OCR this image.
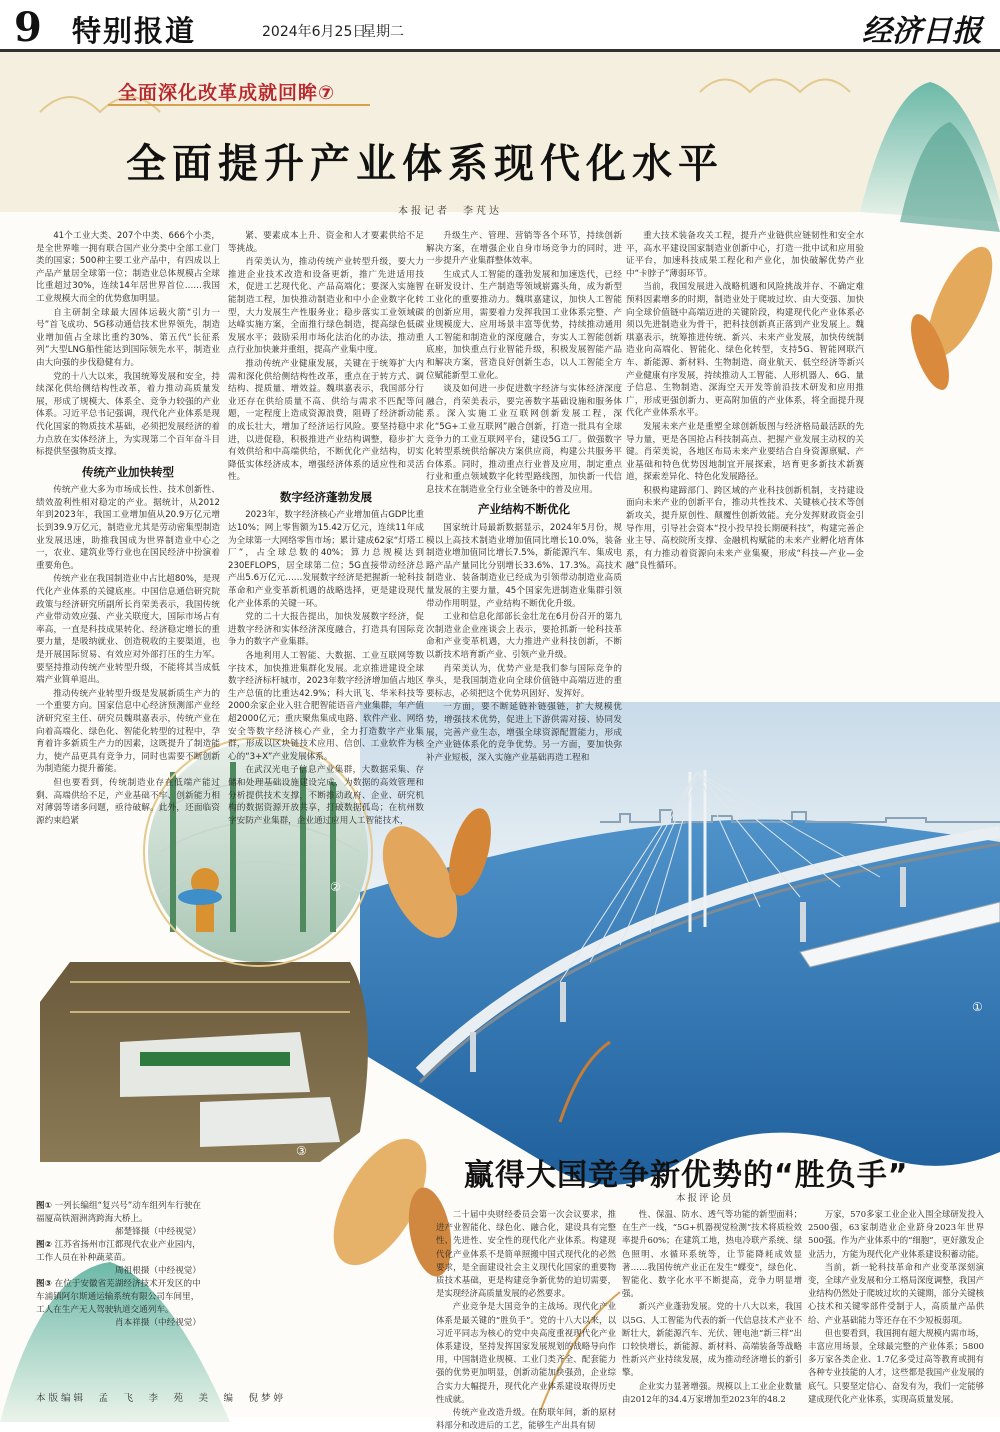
9 特别报道	2024年6月25日
星期二	经济日报
全面深化改革成就回眸⑦
全面提升产业体系现代化水平
本报记者　李芃达

41个工业大类、207个中类、666个小类，是全世界唯一拥有联合国产业分类中全部工业门类的国家；500种主要工业产品中，有四成以上产品产量居全球第一位；制造业总体规模占全球比重超过30%，连续14年居世界首位……我国工业规模大而全的优势愈加明显。

自主研制全球最大固体运载火箭“引力一号”首飞成功、5G移动通信技术世界领先，制造业增加值占全球比重约30%、第五代“长征系列”大型LNG船性能达到国际领先水平，制造业由大向强的步伐稳健有力。

党的十八大以来，我国统筹发展和安全，持续深化供给侧结构性改革，着力推动高质量发展，形成了规模大、体系全、竞争力较强的产业体系。习近平总书记强调，现代化产业体系是现代化国家的物质技术基础，必须把发展经济的着力点放在实体经济上，为实现第二个百年奋斗目标提供坚强物质支撑。

传统产业加快转型

传统产业大多为市场成长性、技术创新性、绩效盈利性相对稳定的产业。据统计，从2012年到2023年，我国工业增加值从20.9万亿元增长到39.9万亿元，制造业尤其是劳动密集型制造业发展迅速，助推我国成为世界制造业中心之一，农业、建筑业等行业也在国民经济中扮演着重要角色。

传统产业在我国制造业中占比超80%，是现代化产业体系的关键底座。中国信息通信研究院政策与经济研究所副所长肖荣美表示，我国传统产业带动效应强、产业关联度大，国际市场占有率高，一直是科技成果转化、经济稳定增长的重要力量，是吸纳就业、创造税收的主要渠道，也是开展国际贸易、有效应对外部打压的生力军。要坚持推动传统产业转型升级，不能将其当成低端产业简单退出。

推动传统产业转型升级是发展新质生产力的一个重要方向。国家信息中心经济预测部产业经济研究室主任、研究员魏琪嘉表示，传统产业在向着高端化、绿色化、智能化转型的过程中，孕育着许多新质生产力的因素，这既提升了制造能力，使产品更具有竞争力，同时也需要不断创新为制造能力提升蓄能。

但也要看到，传统制造业存在低端产能过剩、高端供给不足，产业基础不牢、创新能力相对薄弱等诸多问题，亟待破解。此外，还面临资源约束趋紧

紧、要素成本上升、资金和人才要素供给不足等挑战。

肖荣美认为，推动传统产业转型升级，要大力推进企业技术改造和设备更新，推广先进适用技术，促进工艺现代化、产品高端化；要深入实施智能制造工程，加快推动制造业和中小企业数字化转型，大力发展生产性服务业；稳步落实工业领域碳达峰实施方案，全面推行绿色制造，提高绿色低碳发展水平；鼓励采用市场化法治化的办法，推动重点行业加快兼并重组，提高产业集中度。

推动传统产业健康发展，关键在于统筹扩大内需和深化供给侧结构性改革，重点在于转方式、调结构、提质量、增效益。魏琪嘉表示，我国部分行业还存在供给质量不高、供给与需求不匹配等问题，一定程度上造成资源浪费，阻碍了经济新动能的成长壮大，增加了经济运行风险。要坚持稳中求进，以进促稳，积极推进产业结构调整，稳步扩大有效供给和中高端供给，不断优化产业结构，切实降低实体经济成本，增强经济体系的适应性和灵活性。

数字经济蓬勃发展

2023年，数字经济核心产业增加值占GDP比重达10%；网上零售额为15.42万亿元，连续11年成为全球第一大网络零售市场；累计建成62家“灯塔工厂”，占全球总数的40%；算力总规模达到230EFLOPS，居全球第二位；5G直接带动经济总产出5.6万亿元……发展数字经济是把握新一轮科技革命和产业变革新机遇的战略选择，更是建设现代化产业体系的关键一环。

党的二十大报告提出，加快发展数字经济，促进数字经济和实体经济深度融合，打造具有国际竞争力的数字产业集群。

各地利用人工智能、大数据、工业互联网等数字技术，加快推进集群化发展。北京推进建设全球数字经济标杆城市，2023年数字经济增加值占地区生产总值的比重达42.9%；科大讯飞、华米科技等2000余家企业入驻合肥智能语音产业集群，年产值超2000亿元；重庆聚焦集成电路、软件产业、网络安全等数字经济核心产业，全力打造数字产业集群，形成以区块链技术应用、信创、工业软件为核心的“3+X”产业发展体系。

在武汉光电子信息产业集群，大数据采集、存储和处理基础设施建设完成，为数据的高效管理和分析提供技术支撑，不断推动政府、企业、研究机构的数据资源开放共享，打破数据孤岛；在杭州数字安防产业集群，企业通过应用人工智能技术，

升级生产、管理、营销等各个环节，持续创新解决方案，在增强企业自身市场竞争力的同时，进一步提升产业集群整体效率。

生成式人工智能的蓬勃发展和加速迭代，已经在研发设计、生产制造等领域崭露头角，成为新型工业化的重要推动力。魏琪嘉建议，加快人工智能的创新应用，需要着力发挥我国工业体系完整、产业规模庞大、应用场景丰富等优势，持续推动通用人工智能和制造业的深度融合，夯实人工智能创新底座，加快重点行业智能升级，积极发展智能产品和解决方案，营造良好创新生态，以人工智能全方位赋能新型工业化。

谈及如何进一步促进数字经济与实体经济深度融合，肖荣美表示，要完善数字基础设施和服务体系。深入实施工业互联网创新发展工程，深化“5G+工业互联网”融合创新，打造一批具有全球竞争力的工业互联网平台，建设5G工厂。做强数字化转型系统供给解决方案供应商，构建公共服务平台体系。同时，推动重点行业普及应用，制定重点行业和重点领域数字化转型路线图，加快新一代信息技术在制造业全行业全链条中的普及应用。

产业结构不断优化

国家统计局最新数据显示，2024年5月份，规模以上高技术制造业增加值同比增长10.0%，装备制造业增加值同比增长7.5%，新能源汽车、集成电路产品产量同比分别增长33.6%、17.3%。高技术制造业、装备制造业已经成为引领带动制造业高质量发展的主要力量，45个国家先进制造业集群引领带动作用明显，产业结构不断优化升级。

工业和信息化部部长金壮龙在6月份召开的第九次制造业企业座谈会上表示，要抢抓新一轮科技革命和产业变革机遇，大力推进产业科技创新，不断以新技术培育新产业、引领产业升级。

肖荣美认为，优势产业是我们参与国际竞争的拳头，是我国制造业向全球价值链中高端迈进的重要标志，必须把这个优势巩固好、发挥好。

一方面，要不断延链补链强链，扩大规模优势，增强技术优势，促进上下游供需对接、协同发展，完善产业生态，增强全球资源配置能力，形成全产业链体系化的竞争优势。另一方面，要加快弥补产业短板，深入实施产业基础再造工程和

重大技术装备攻关工程，提升产业链供应链韧性和安全水平，高水平建设国家制造业创新中心，打造一批中试和应用验证平台，加速科技成果工程化和产业化，加快破解优势产业中“卡脖子”薄弱环节。

当前，我国发展进入战略机遇和风险挑战并存、不确定难预料因素增多的时期，制造业处于爬坡过坎、由大变强、加快向全球价值链中高端迈进的关键阶段，构建现代化产业体系必须以先进制造业为骨干，把科技创新真正落到产业发展上。魏琪嘉表示，统筹推进传统、新兴、未来产业发展，加快传统制造业向高端化、智能化、绿色化转型，支持5G、智能网联汽车、新能源、新材料、生物制造、商业航天、低空经济等新兴产业健康有序发展，持续推动人工智能、人形机器人、6G、量子信息、生物制造、深海空天开发等前沿技术研发和应用推广，形成更强创新力、更高附加值的产业体系，将全面提升现代化产业体系水平。

发展未来产业是重塑全球创新版图与经济格局最活跃的先导力量，更是各国抢占科技制高点、把握产业发展主动权的关键。肖荣美说，各地区布局未来产业要结合自身资源禀赋、产业基础和特色优势因地制宜开展探索，培育更多新技术新赛道，探索差异化、特色化发展路径。

积极构建蹄部门、跨区域的产业科技创新机制，支持建设面向未来产业的创新平台，推动共性技术、关键核心技术等创新攻关，提升原创性、颠覆性创新效能。充分发挥财政资金引导作用，引导社会资本“投小投早投长期硬科技”，构建完善企业主导、高校院所支撑、金融机构赋能的未来产业孵化培育体系，有力推动着资源向未来产业集聚，形成“科技—产业—金融”良性循环。

①
②
③
图① 一列长编组“复兴号”动车组列车行驶在福厦高铁湄洲湾跨海大桥上。
郝楚锋摄（中经视觉）
图② 江苏省扬州市江都现代农业产业园内，工作人员在补种蔬菜苗。
周祖根摄（中经视觉）
图③ 在位于安徽省芜湖经济技术开发区的中车浦镇阿尔斯通运输系统有限公司车间里，工人在生产无人驾驶轨道交通列车。
肖本祥摄（中经视觉）
赢得大国竞争新优势的“胜负手”
本报评论员

二十届中央财经委员会第一次会议要求，推进产业智能化、绿色化、融合化，建设具有完整性、先进性、安全性的现代化产业体系。构建现代化产业体系不是简单照搬中国式现代化的必然要求，是全面建设社会主义现代化国家的重要物质技术基础，更是构建竞争新优势的迫切需要，是实现经济高质量发展的必然要求。

产业竞争是大国竞争的主战场。现代化产业体系是最关键的“胜负手”。党的十八大以来，以习近平同志为核心的党中央高度重视现代化产业体系建设，坚持发挥国家发展规划的战略导向作用，中国制造业规模、工业门类齐全、配套能力强的优势更加明显，创新动能加快强劲，企业综合实力大幅提升，现代化产业体系建设取得历史性成就。

传统产业改造升级。在防联年间，新的原材料部分和改进后的工艺，能够生产出具有韧

性、保温、防水、透气等功能的新型面料；在生产一线，“5G+机器视觉检测”技术将质检效率提升60%；在建筑工地，热电冷联产系统、绿色照明、水循环系统等，让节能降耗成效显著……我国传统产业正在发生“蝶变”，绿色化、智能化、数字化水平不断提高，竞争力明显增强。

新兴产业蓬勃发展。党的十八大以来，我国以5G、人工智能为代表的新一代信息技术产业不断壮大，新能源汽车、光伏、锂电池“新三样”出口较快增长，新能源、新材料、高端装备等战略性新兴产业持续发展，成为推动经济增长的新引擎。

企业实力显著增强。规模以上工业企业数量由2012年的34.4万家增加至2023年的48.2

万家，570多家工业企业入围全球研发投入2500强，63家制造业企业跻身2023年世界500强。作为产业体系中的“细胞”，更好激发企业活力，方能为现代化产业体系建设积蓄动能。

当前，新一轮科技革命和产业变革深刻演变，全球产业发展和分工格局深度调整，我国产业结构仍然处于爬坡过坎的关键期，部分关键核心技术和关键零部件受制于人，高质量产品供给、产业基础能力等还存在不少短板弱项。

但也要看到，我国拥有超大规模内需市场，丰富应用场景，全球最完整的产业体系；5800多万家各类企业、1.7亿多受过高等教育或拥有各种专业技能的人才，这些都是我国产业发展的底气。只要坚定信心、奋发有为，我们一定能够建成现代化产业体系，实现高质量发展。

本版编辑　孟　飞　李　苑　美　编　倪梦婷
